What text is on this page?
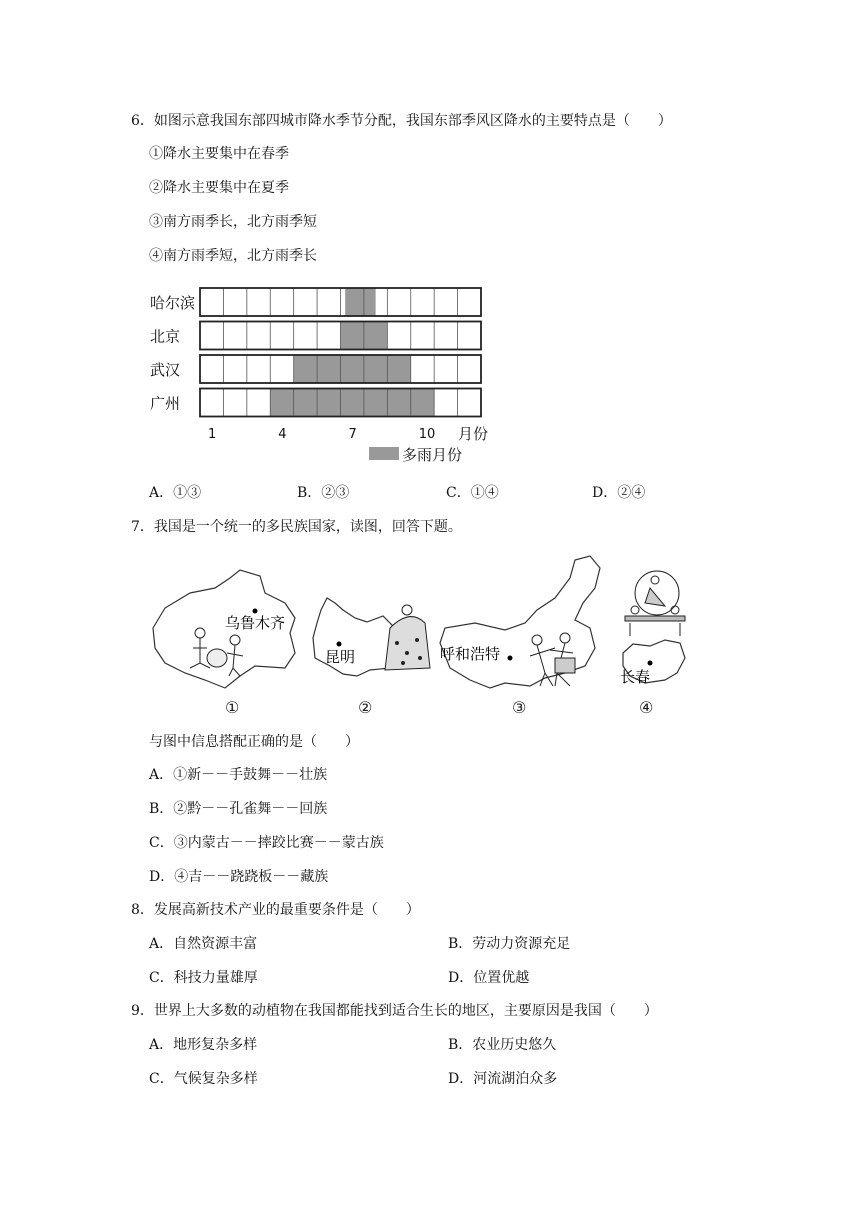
6．如图示意我国东部四城市降水季节分配，我国东部季风区降水的主要特点是（　　）
①降水主要集中在春季
②降水主要集中在夏季
③南方雨季长，北方雨季短
④南方雨季短，北方雨季长
哈尔滨
北京
武汉
广州
1	4	7	10 月份
多雨月份
A．①③	B．②③	C．①④	D．②④
7．我国是一个统一的多民族国家，读图，回答下题。
乌鲁木齐
①
昆明
②
呼和浩特
③
长春
④
与图中信息搭配正确的是（　　）
A．①新－－手鼓舞－－壮族
B．②黔－－孔雀舞－－回族
C．③内蒙古－－摔跤比赛－－蒙古族
D．④吉－－跷跷板－－藏族
8．发展高新技术产业的最重要条件是（　　）
A．自然资源丰富	B．劳动力资源充足
C．科技力量雄厚	D．位置优越
9．世界上大多数的动植物在我国都能找到适合生长的地区，主要原因是我国（　　）
A．地形复杂多样	B．农业历史悠久
C．气候复杂多样	D．河流湖泊众多
